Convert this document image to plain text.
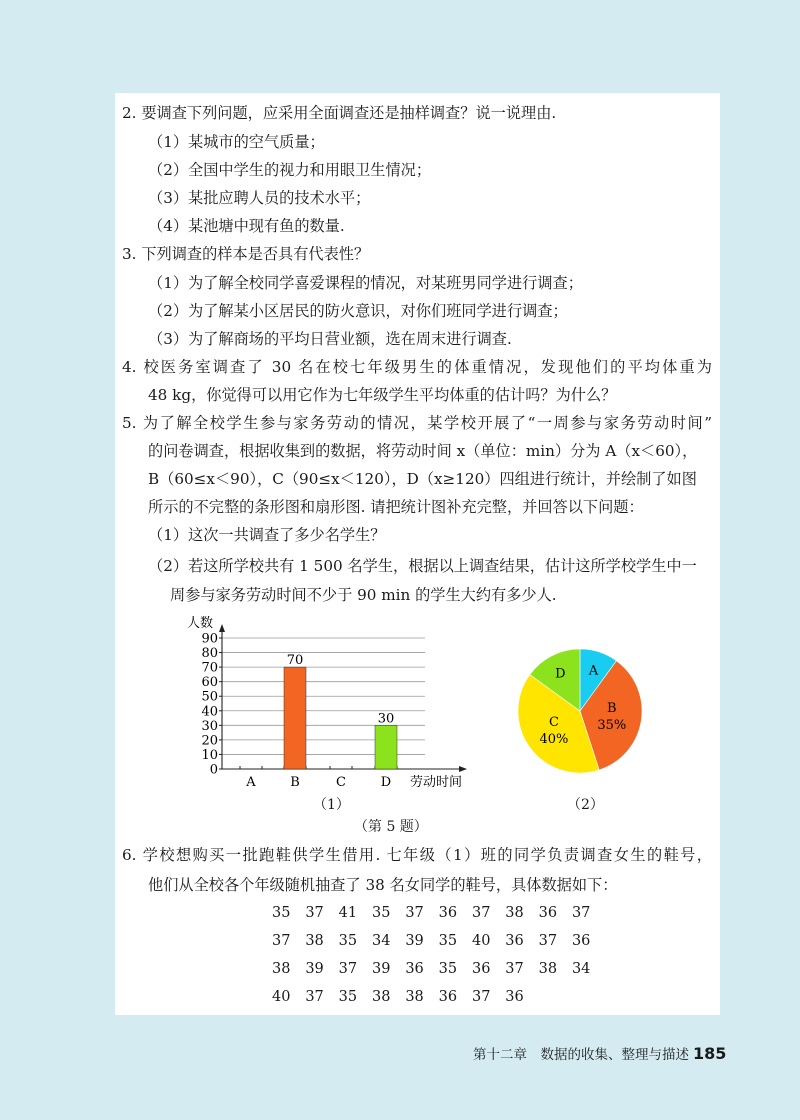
2. 要调查下列问题，应采用全面调查还是抽样调查？说一说理由.
（1）某城市的空气质量；
（2）全国中学生的视力和用眼卫生情况；
（3）某批应聘人员的技术水平；
（4）某池塘中现有鱼的数量.
3. 下列调查的样本是否具有代表性？
（1）为了解全校同学喜爱课程的情况，对某班男同学进行调查；
（2）为了解某小区居民的防火意识，对你们班同学进行调查；
（3）为了解商场的平均日营业额，选在周末进行调查.
4. 校医务室调查了 30 名在校七年级男生的体重情况，发现他们的平均体重为
48 kg，你觉得可以用它作为七年级学生平均体重的估计吗？为什么？
5. 为了解全校学生参与家务劳动的情况，某学校开展了“一周参与家务劳动时间”
的问卷调查，根据收集到的数据，将劳动时间 x（单位：min）分为 A（x＜60），
B（60≤x＜90），C（90≤x＜120），D（x≥120）四组进行统计，并绘制了如图
所示的不完整的条形图和扇形图. 请把统计图补充完整，并回答以下问题：
（1）这次一共调查了多少名学生？
（2）若这所学校共有 1 500 名学生，根据以上调查结果，估计这所学校学生中一
周参与家务劳动时间不少于 90 min 的学生大约有多少人.
0
10
20
30
40
50
60
70
80
90
人数
劳动时间
A	B
70
C	D
30
A
B
35%
C
40%
D
（1）	（2）
（第 5 题）
6. 学校想购买一批跑鞋供学生借用. 七年级（1）班的同学负责调查女生的鞋号，
他们从全校各个年级随机抽查了 38 名女同学的鞋号，具体数据如下：
35	37	41	35	37	36	37	38	36	37
37	38	35	34	39	35	40	36	37	36
38	39	37	39	36	35	36	37	38	34
40	37	35	38	38	36	37	36
第十二章　数据的收集、整理与描述 185
